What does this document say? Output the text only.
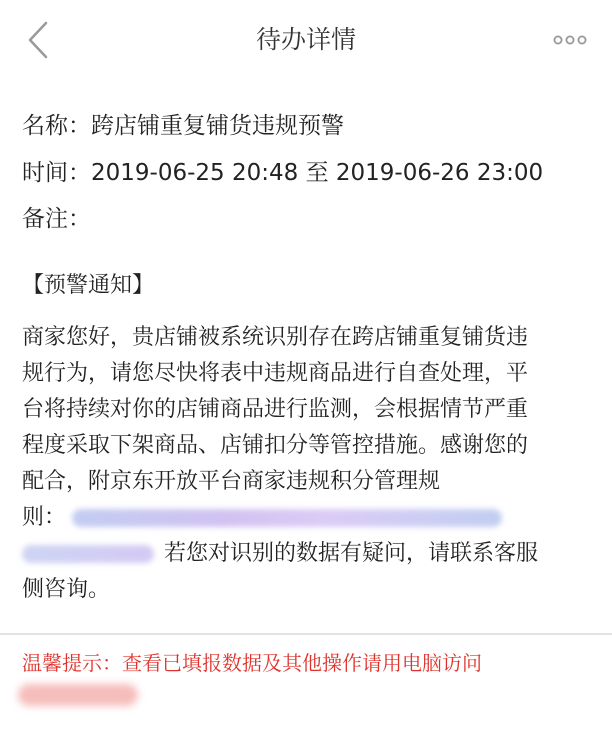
待办详情
名称：跨店铺重复铺货违规预警
时间：2019-06-25 20:48 至 2019-06-26 23:00
备注：
【预警通知】
商家您好，贵店铺被系统识别存在跨店铺重复铺货违
规行为，请您尽快将表中违规商品进行自查处理，平
台将持续对你的店铺商品进行监测，会根据情节严重
程度采取下架商品、店铺扣分等管控措施。感谢您的
配合，附京东开放平台商家违规积分管理规
则：
若您对识别的数据有疑问，请联系客服
侧咨询。
温馨提示：查看已填报数据及其他操作请用电脑访问
